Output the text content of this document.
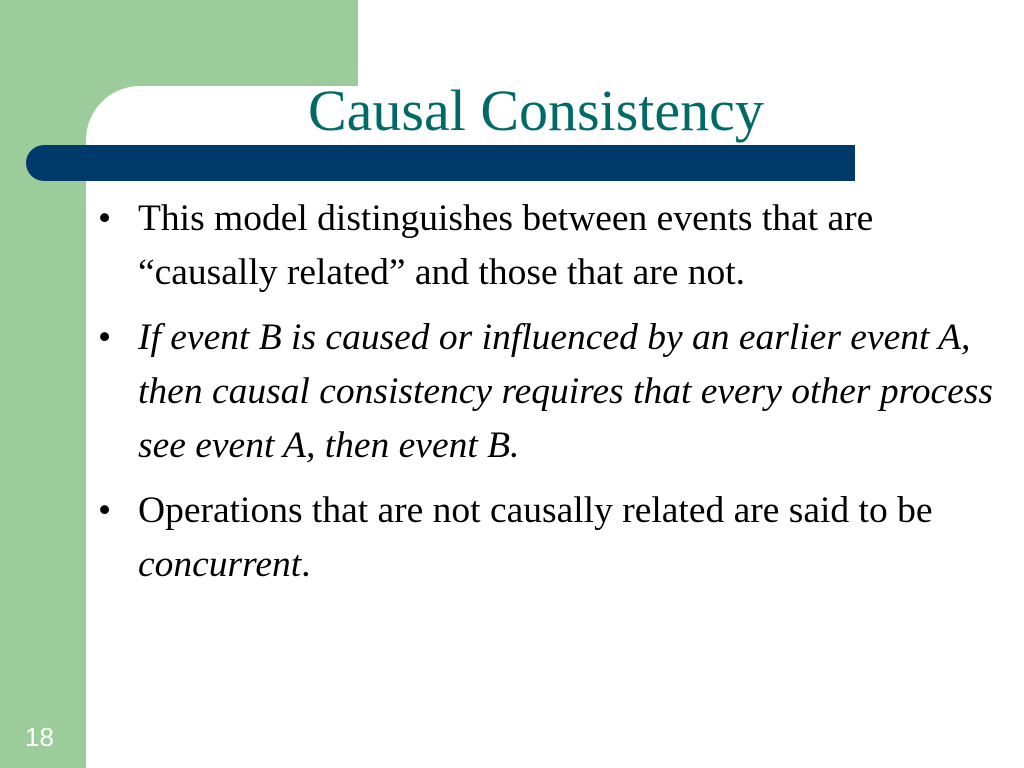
Causal Consistency

• This model distinguishes between events that are “causally related” and those that are not.

• If event B is caused or influenced by an earlier event A, then causal consistency requires that every other process see event A, then event B.

• Operations that are not causally related are said to be concurrent.

18
